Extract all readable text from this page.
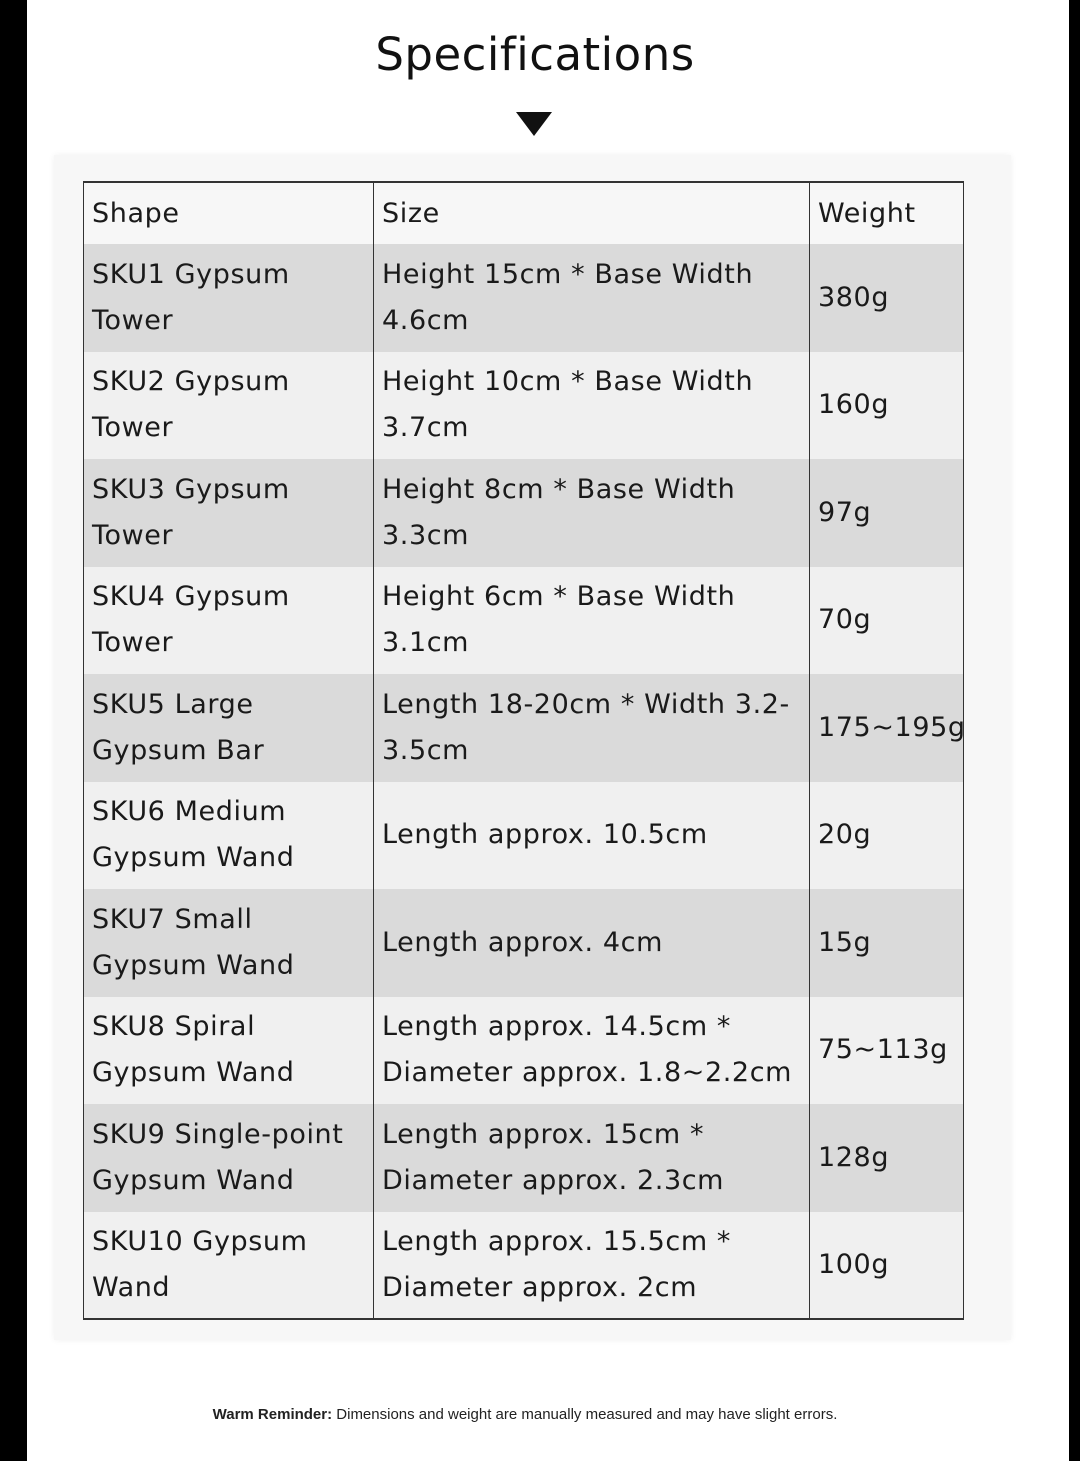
Specifications
Shape	Size	Weight
SKU1 Gypsum Tower	Height 15cm * Base Width 4.6cm	380g
SKU2 Gypsum Tower	Height 10cm * Base Width 3.7cm	160g
SKU3 Gypsum Tower	Height 8cm * Base Width 3.3cm	97g
SKU4 Gypsum Tower	Height 6cm * Base Width 3.1cm	70g
SKU5 Large Gypsum Bar	Length 18-20cm * Width 3.2-3.5cm	175~195g
SKU6 Medium Gypsum Wand	Length approx. 10.5cm	20g
SKU7 Small Gypsum Wand	Length approx. 4cm	15g
SKU8 Spiral Gypsum Wand	Length approx. 14.5cm * Diameter approx. 1.8~2.2cm	75~113g
SKU9 Single-point Gypsum Wand	Length approx. 15cm * Diameter approx. 2.3cm	128g
SKU10 Gypsum Wand	Length approx. 15.5cm * Diameter approx. 2cm	100g
Warm Reminder: Dimensions and weight are manually measured and may have slight errors.
